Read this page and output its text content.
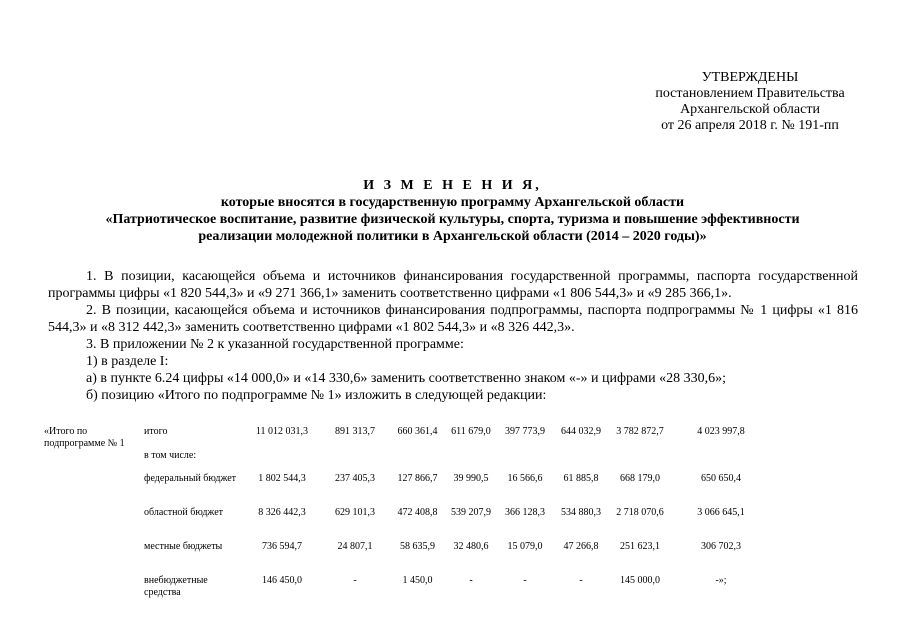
УТВЕРЖДЕНЫ
постановлением Правительства
Архангельской области
от 26 апреля 2018 г. № 191-пп
И З М Е Н Е Н И Я,
которые вносятся в государственную программу Архангельской области
«Патриотическое воспитание, развитие физической культуры, спорта, туризма и повышение эффективности
реализации молодежной политики в Архангельской области (2014 – 2020 годы)»

1. В позиции, касающейся объема и источников финансирования государственной программы, паспорта государственной программы цифры «1 820 544,3» и «9 271 366,1» заменить соответственно цифрами «1 806 544,3» и «9 285 366,1».

2. В позиции, касающейся объема и источников финансирования подпрограммы, паспорта подпрограммы № 1 цифры «1 816 544,3» и «8 312 442,3» заменить соответственно цифрами «1 802 544,3» и «8 326 442,3».

3. В приложении № 2 к указанной государственной программе:

1) в разделе I:

а) в пункте 6.24 цифры «14 000,0» и «14 330,6» заменить соответственно знаком «-» и цифрами «28 330,6»;

б) позицию «Итого по подпрограмме № 1» изложить в следующей редакции:

«Итого по подпрограмме № 1	итого	11 012 031,3	891 313,7	660 361,4	611 679,0	397 773,9	644 032,9	3 782 872,7	4 023 997,8
	в том числе:								
	федеральный бюджет	1 802 544,3	237 405,3	127 866,7	39 990,5	16 566,6	61 885,8	668 179,0	650 650,4
	областной бюджет	8 326 442,3	629 101,3	472 408,8	539 207,9	366 128,3	534 880,3	2 718 070,6	3 066 645,1
	местные бюджеты	736 594,7	24 807,1	58 635,9	32 480,6	15 079,0	47 266,8	251 623,1	306 702,3
	внебюджетные средства	146 450,0	-	1 450,0	-	-	-	145 000,0	-»;
